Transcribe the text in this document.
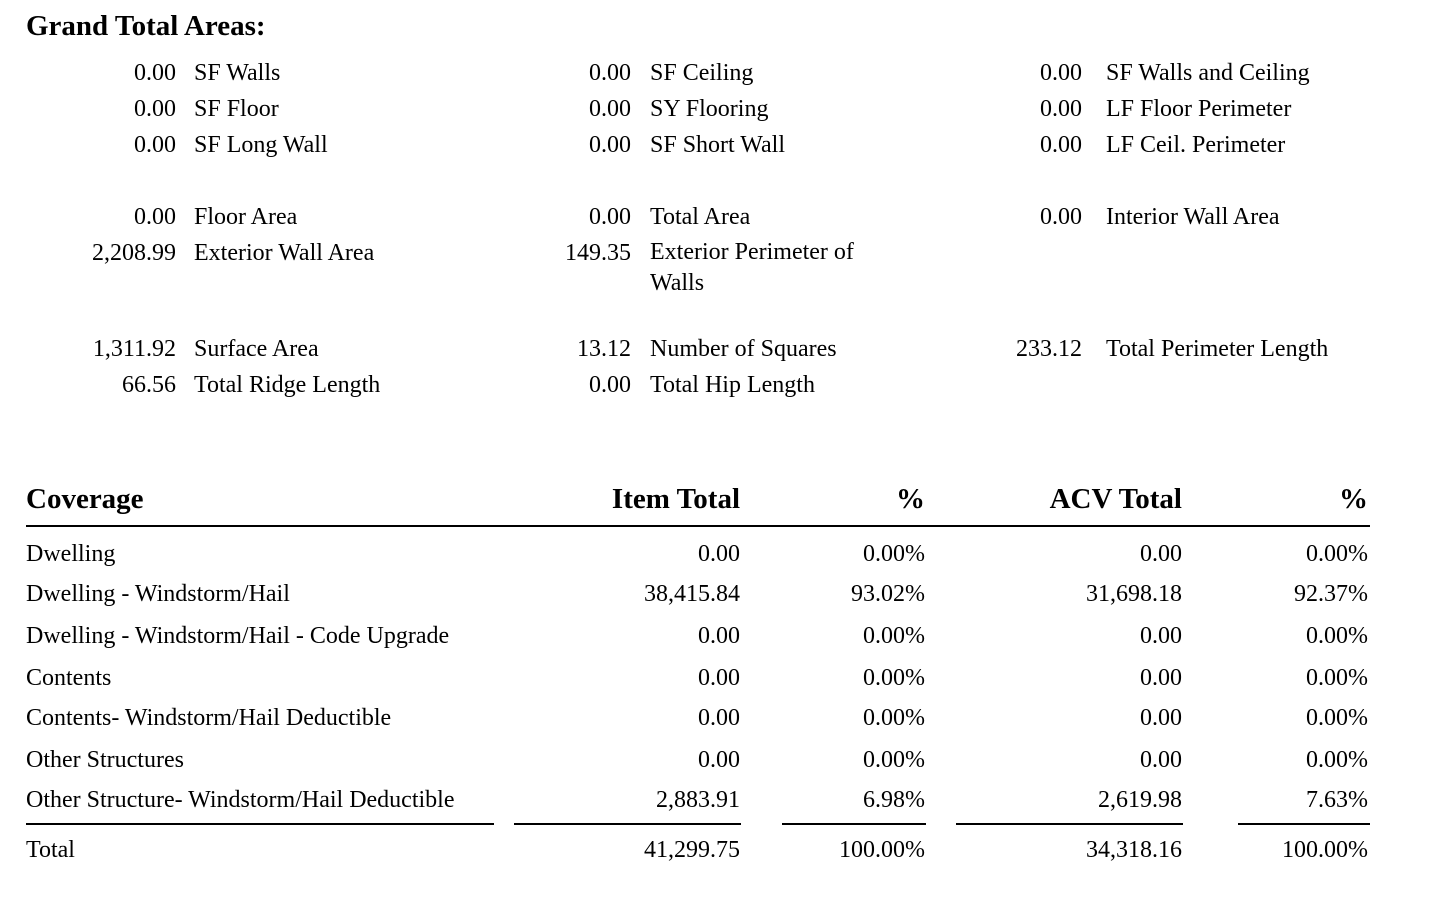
Grand Total Areas:
0.00 SF Walls	0.00 SF Ceiling	0.00 SF Walls and Ceiling
0.00 SF Floor	0.00 SY Flooring	0.00 LF Floor Perimeter
0.00 SF Long Wall	0.00 SF Short Wall	0.00 LF Ceil. Perimeter
0.00 Floor Area	0.00 Total Area	0.00 Interior Wall Area
2,208.99 Exterior Wall Area	149.35 Exterior Perimeter of Walls
1,311.92 Surface Area	13.12 Number of Squares	233.12 Total Perimeter Length
66.56 Total Ridge Length	0.00 Total Hip Length
Coverage	Item Total	%	ACV Total	%
Dwelling	0.00	0.00%	0.00	0.00%
Dwelling - Windstorm/Hail	38,415.84	93.02%	31,698.18	92.37%
Dwelling - Windstorm/Hail - Code Upgrade	0.00	0.00%	0.00	0.00%
Contents	0.00	0.00%	0.00	0.00%
Contents- Windstorm/Hail Deductible	0.00	0.00%	0.00	0.00%
Other Structures	0.00	0.00%	0.00	0.00%
Other Structure- Windstorm/Hail Deductible	2,883.91	6.98%	2,619.98	7.63%
Total	41,299.75	100.00%	34,318.16	100.00%
